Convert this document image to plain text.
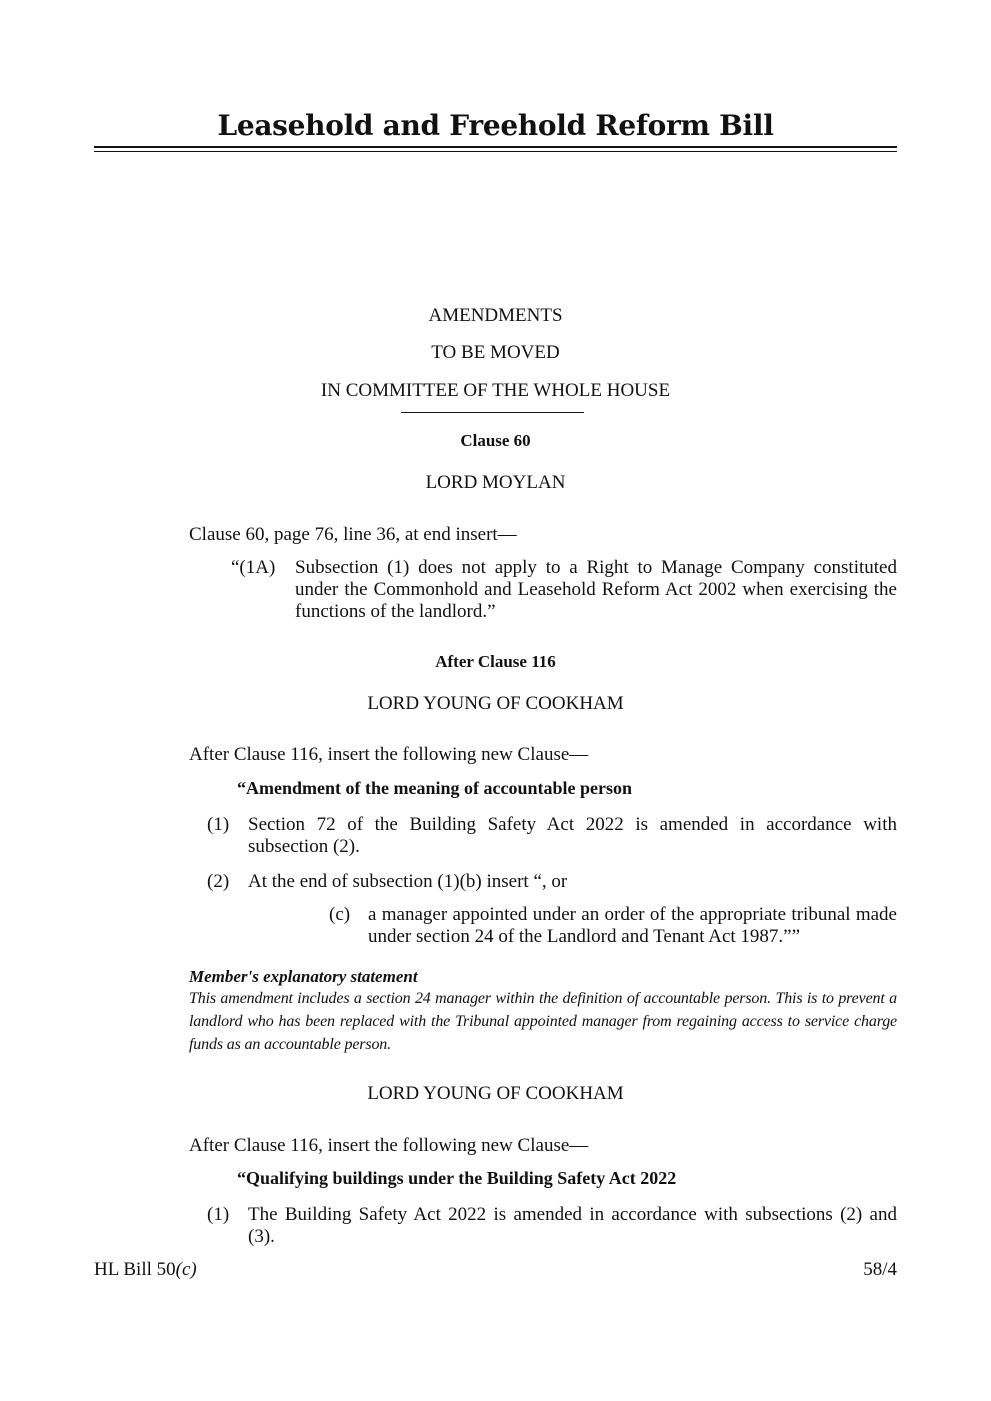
Leasehold and Freehold Reform Bill
AMENDMENTS
TO BE MOVED
IN COMMITTEE OF THE WHOLE HOUSE
Clause 60
LORD MOYLAN
Clause 60, page 76, line 36, at end insert—
“(1A) Subsection (1) does not apply to a Right to Manage Company constituted under the Commonhold and Leasehold Reform Act 2002 when exercising the functions of the landlord.”
After Clause 116
LORD YOUNG OF COOKHAM
After Clause 116, insert the following new Clause—
“Amendment of the meaning of accountable person
(1) Section 72 of the Building Safety Act 2022 is amended in accordance with subsection (2).
(2) At the end of subsection (1)(b) insert “, or
(c) a manager appointed under an order of the appropriate tribunal made under section 24 of the Landlord and Tenant Act 1987.””
Member's explanatory statement
This amendment includes a section 24 manager within the definition of accountable person. This is to prevent a landlord who has been replaced with the Tribunal appointed manager from regaining access to service charge funds as an accountable person.
LORD YOUNG OF COOKHAM
After Clause 116, insert the following new Clause—
“Qualifying buildings under the Building Safety Act 2022
(1) The Building Safety Act 2022 is amended in accordance with subsections (2) and (3).
HL Bill 50(c)	58/4
